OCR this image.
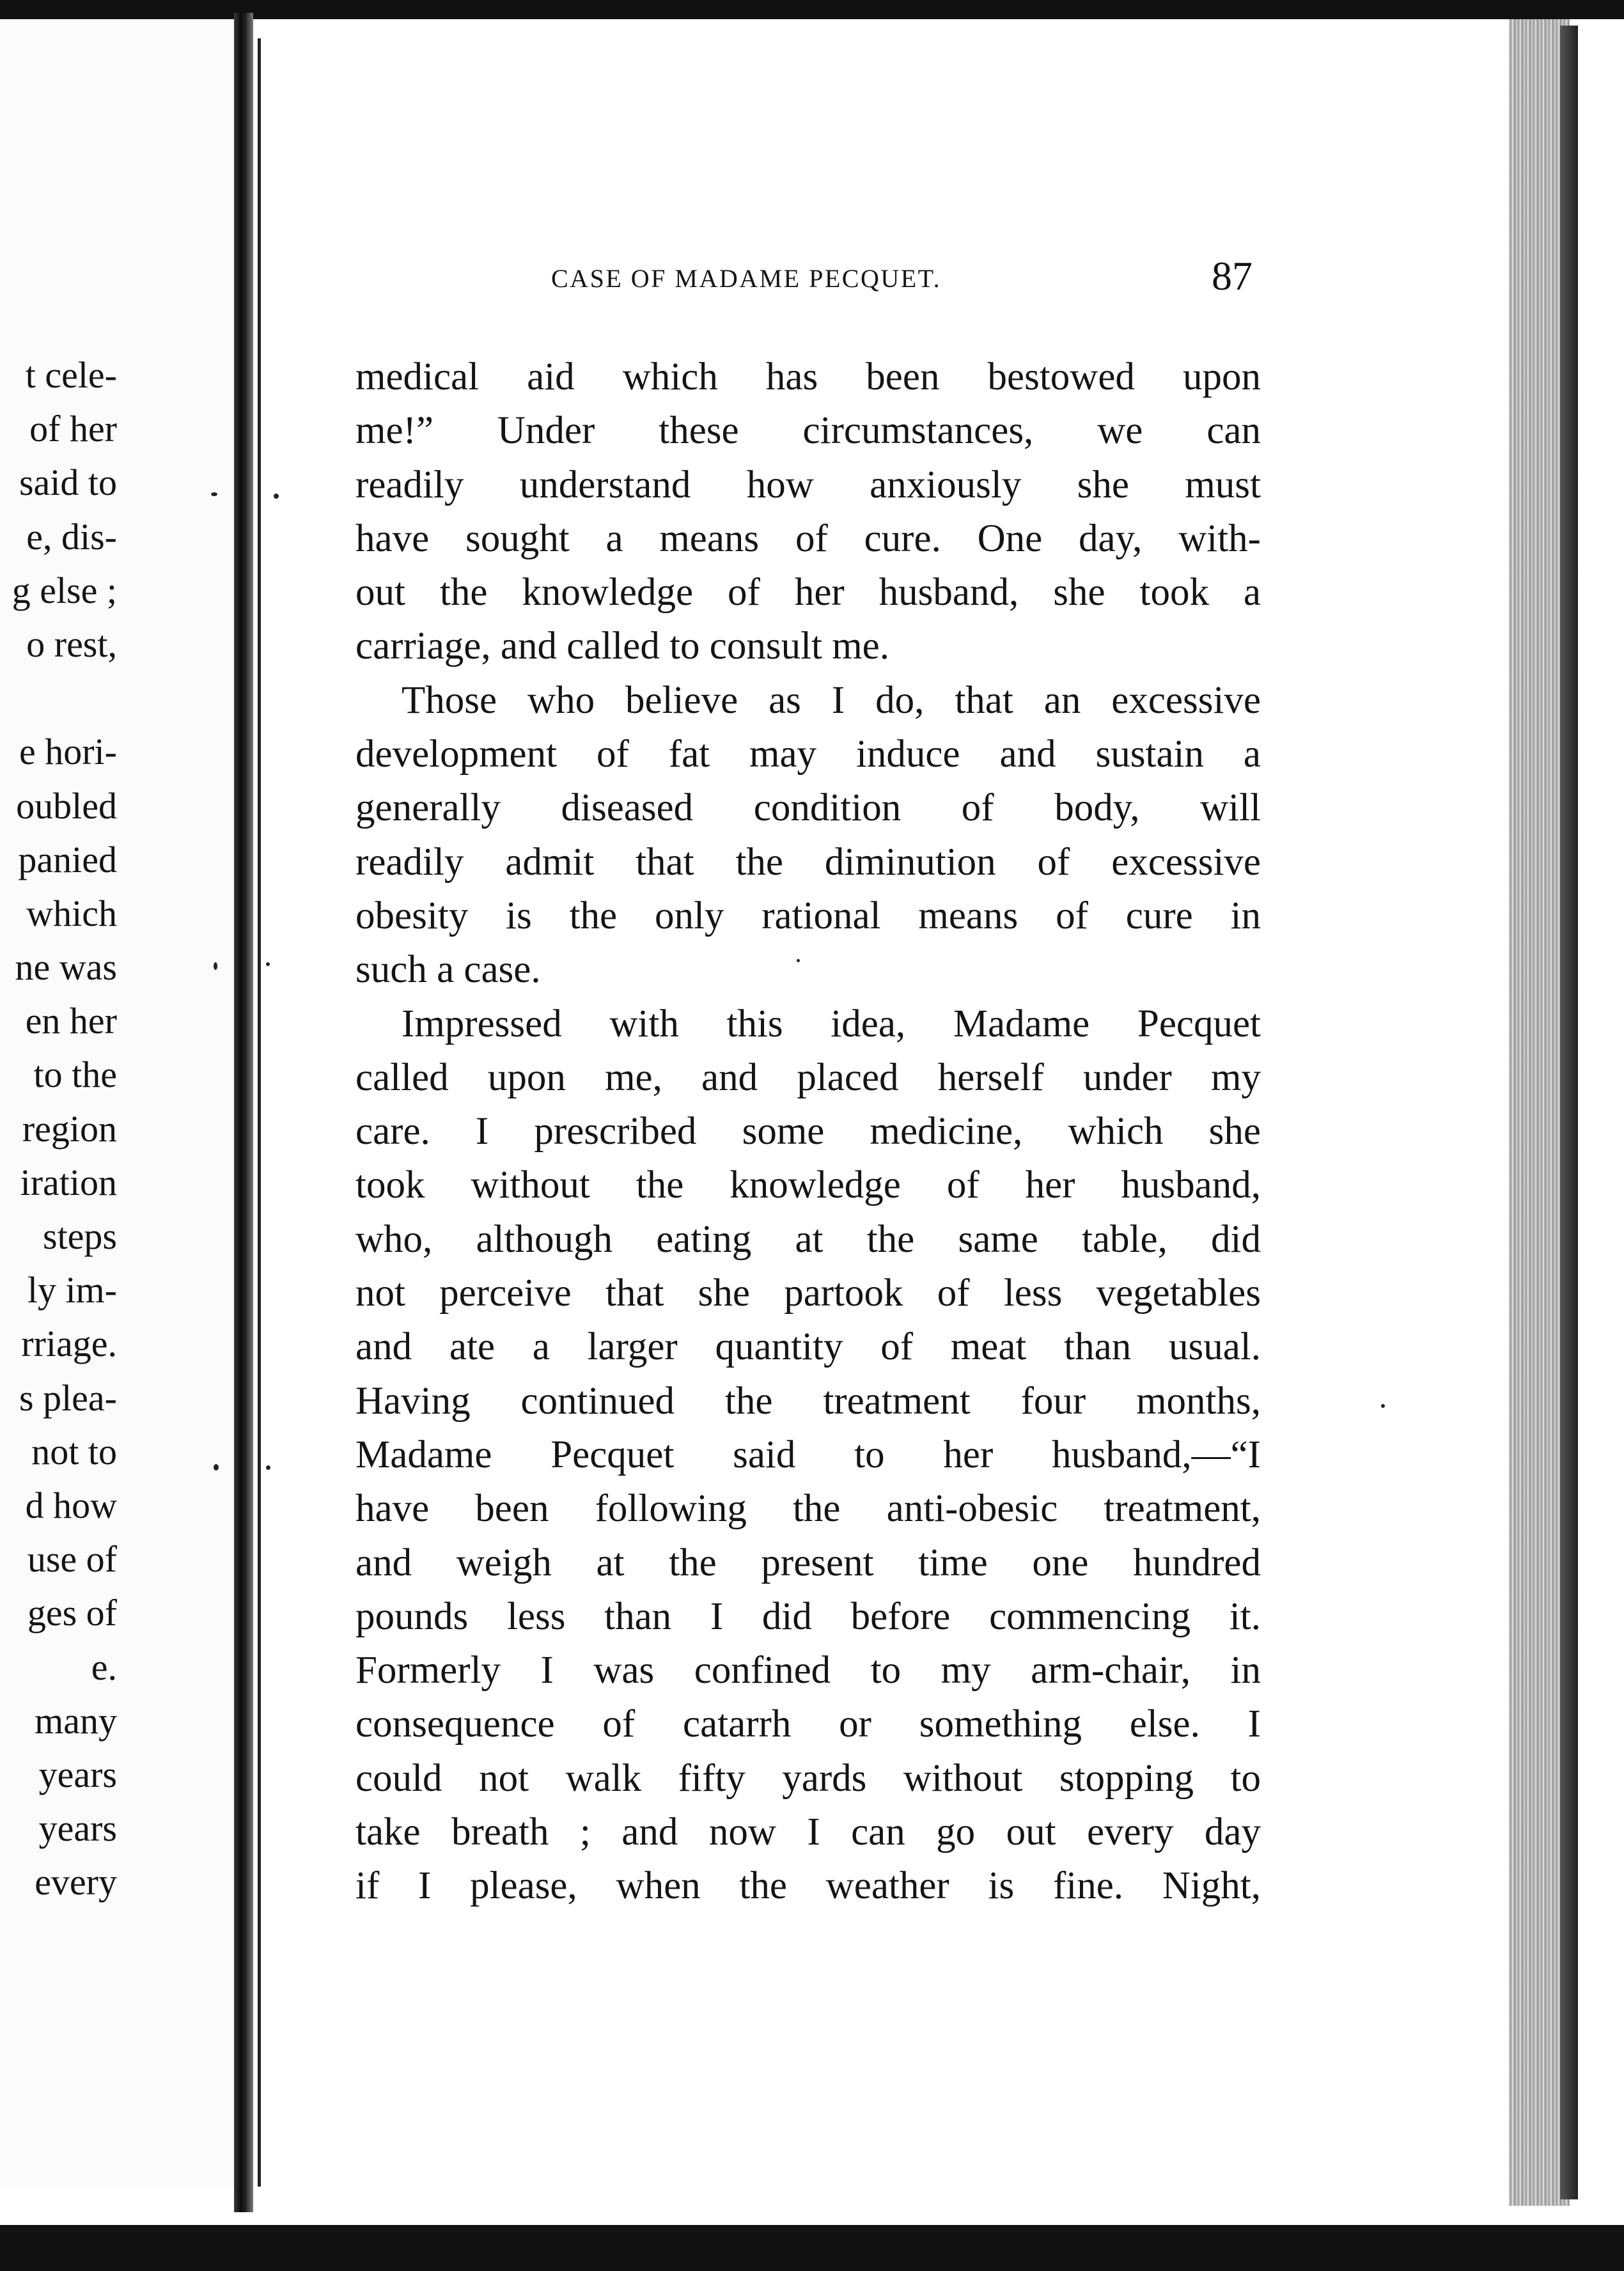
t cele-
of her
said to
e, dis-
g else ;
o rest,
e hori-
oubled
panied
which
ne was
en her
to the
region
iration
steps
ly im-
rriage.
s plea-
not to
d how
use of
ges of
e.
many
years
years
every
CASE OF MADAME PECQUET.	87
medical aid which has been bestowed upon
me!” Under these circumstances, we can
readily understand how anxiously she must
have sought a means of cure. One day, with-
out the knowledge of her husband, she took a
carriage, and called to consult me.
Those who believe as I do, that an excessive
development of fat may induce and sustain a
generally diseased condition of body, will
readily admit that the diminution of excessive
obesity is the only rational means of cure in
such a case.
Impressed with this idea, Madame Pecquet
called upon me, and placed herself under my
care. I prescribed some medicine, which she
took without the knowledge of her husband,
who, although eating at the same table, did
not perceive that she partook of less vegetables
and ate a larger quantity of meat than usual.
Having continued the treatment four months,
Madame Pecquet said to her husband,—“I
have been following the anti-obesic treatment,
and weigh at the present time one hundred
pounds less than I did before commencing it.
Formerly I was confined to my arm-chair, in
consequence of catarrh or something else. I
could not walk fifty yards without stopping to
take breath ; and now I can go out every day
if I please, when the weather is fine. Night,
